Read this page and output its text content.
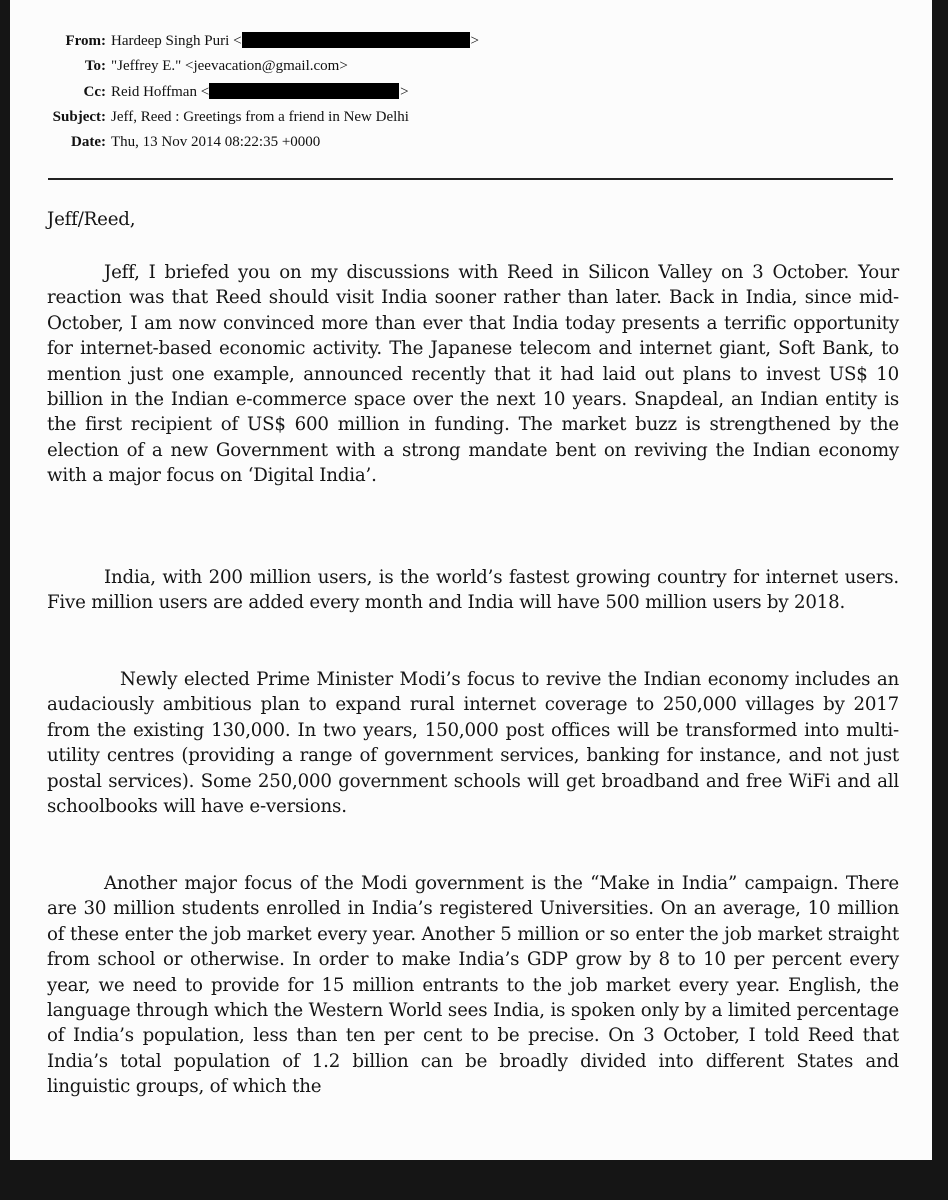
From: Hardeep Singh Puri <	>
To: "Jeffrey E." <jeevacation@gmail.com>
Cc: Reid Hoffman <	>
Subject: Jeff, Reed : Greetings from a friend in New Delhi
Date: Thu, 13 Nov 2014 08:22:35 +0000
Jeff/Reed,

Jeff, I briefed you on my discussions with Reed in Silicon Valley on 3 October. Your reaction was that Reed should visit India sooner rather than later. Back in India, since mid-October, I am now convinced more than ever that India today presents a terrific opportunity for internet-based economic activity. The Japanese telecom and internet giant, Soft Bank, to mention just one example, announced recently that it had laid out plans to invest US$ 10 billion in the Indian e-commerce space over the next 10 years. Snapdeal, an Indian entity is the first recipient of US$ 600 million in funding. The market buzz is strengthened by the election of a new Government with a strong mandate bent on reviving the Indian economy with a major focus on ‘Digital India’.

India, with 200 million users, is the world’s fastest growing country for internet users. Five million users are added every month and India will have 500 million users by 2018.

Newly elected Prime Minister Modi’s focus to revive the Indian economy includes an audaciously ambitious plan to expand rural internet coverage to 250,000 villages by 2017 from the existing 130,000. In two years, 150,000 post offices will be transformed into multi-utility centres (providing a range of government services, banking for instance, and not just postal services). Some 250,000 government schools will get broadband and free WiFi and all schoolbooks will have e-versions.

Another major focus of the Modi government is the “Make in India” campaign. There are 30 million students enrolled in India’s registered Universities. On an average, 10 million of these enter the job market every year. Another 5 million or so enter the job market straight from school or otherwise. In order to make India’s GDP grow by 8 to 10 per percent every year, we need to provide for 15 million entrants to the job market every year. English, the language through which the Western World sees India, is spoken only by a limited percentage of India’s population, less than ten per cent to be precise. On 3 October, I told Reed that India’s total population of 1.2 billion can be broadly divided into different States and linguistic groups, of which the
